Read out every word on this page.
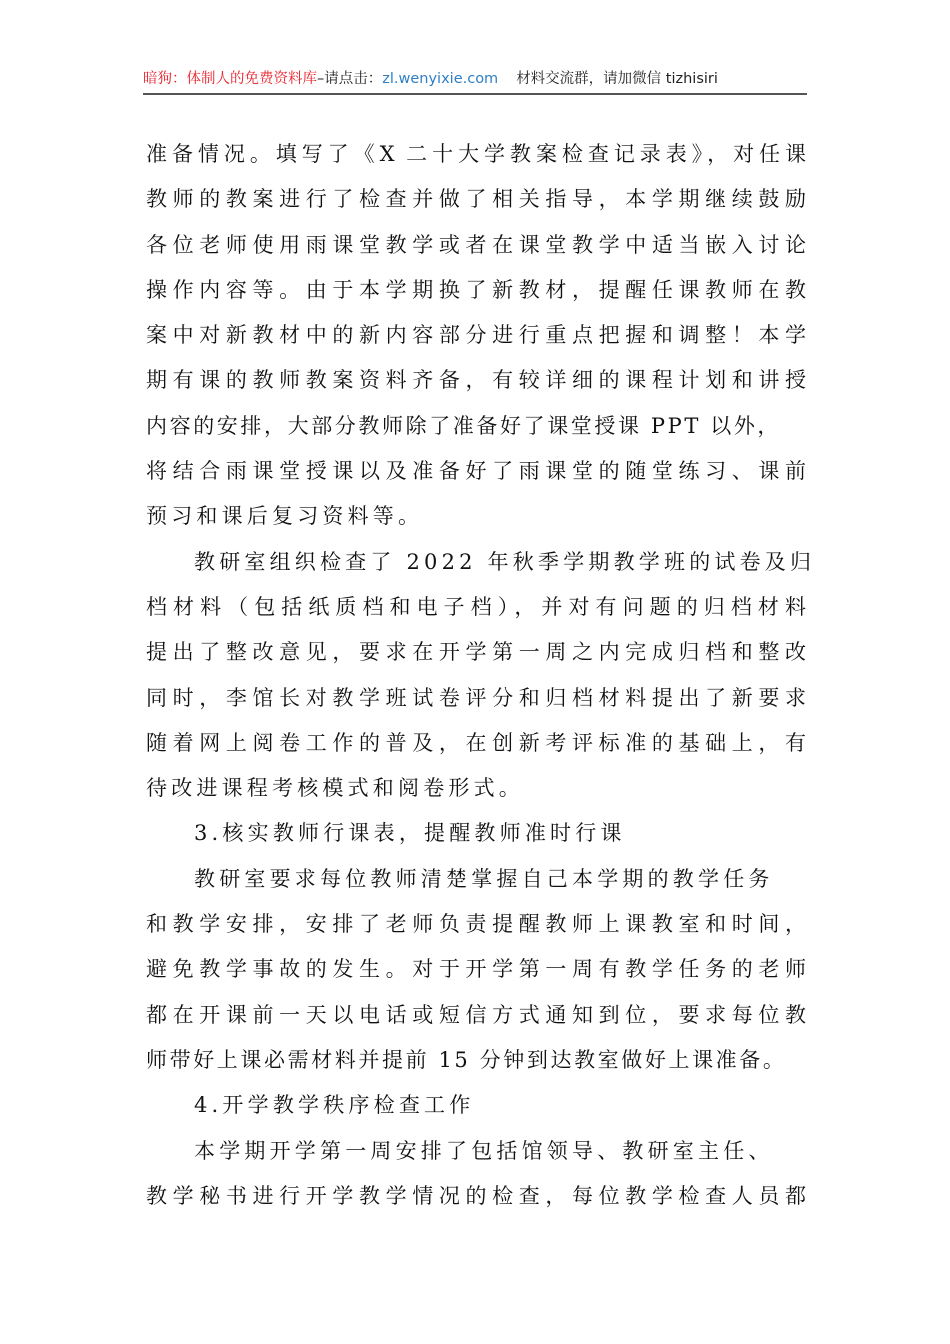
暗狗：体制人的免费资料库–请点击：zl.wenyixie.com 材料交流群，请加微信 tizhisiri
准备情况。填写了《X 二十大学教案检查记录表》，对任课
教师的教案进行了检查并做了相关指导，本学期继续鼓励
各位老师使用雨课堂教学或者在课堂教学中适当嵌入讨论
操作内容等。由于本学期换了新教材，提醒任课教师在教
案中对新教材中的新内容部分进行重点把握和调整！本学
期有课的教师教案资料齐备，有较详细的课程计划和讲授
内容的安排，大部分教师除了准备好了课堂授课 PPT 以外，
将结合雨课堂授课以及准备好了雨课堂的随堂练习、课前
预习和课后复习资料等。
教研室组织检查了 2022 年秋季学期教学班的试卷及归
档材料（包括纸质档和电子档），并对有问题的归档材料
提出了整改意见，要求在开学第一周之内完成归档和整改
同时，李馆长对教学班试卷评分和归档材料提出了新要求
随着网上阅卷工作的普及，在创新考评标准的基础上，有
待改进课程考核模式和阅卷形式。
3.核实教师行课表，提醒教师准时行课
教研室要求每位教师清楚掌握自己本学期的教学任务
和教学安排，安排了老师负责提醒教师上课教室和时间，
避免教学事故的发生。对于开学第一周有教学任务的老师
都在开课前一天以电话或短信方式通知到位，要求每位教
师带好上课必需材料并提前 15 分钟到达教室做好上课准备。
4.开学教学秩序检查工作
本学期开学第一周安排了包括馆领导、教研室主任、
教学秘书进行开学教学情况的检查，每位教学检查人员都
